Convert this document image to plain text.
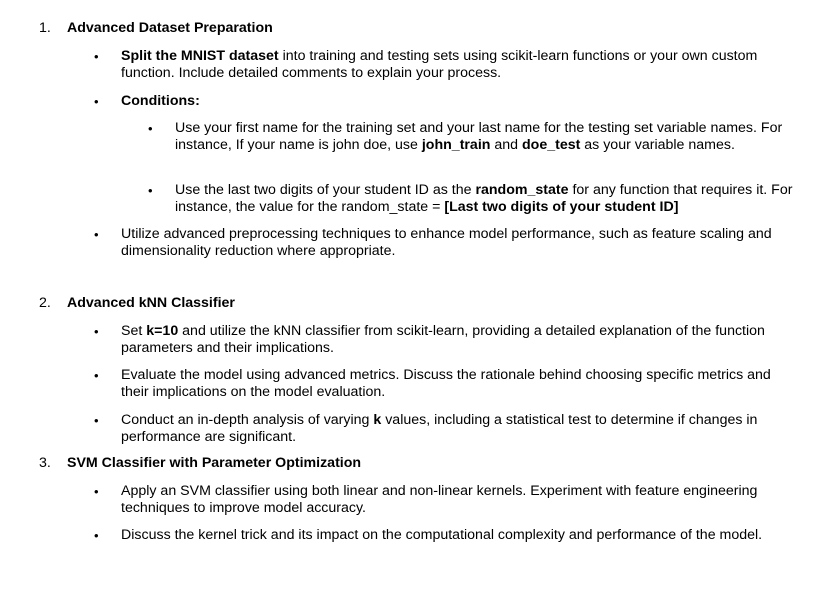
1. Advanced Dataset Preparation
• Split the MNIST dataset into training and testing sets using scikit-learn functions or your own custom function. Include detailed comments to explain your process.
• Conditions:
• Use your first name for the training set and your last name for the testing set variable names. For instance, If your name is john doe, use john_train and doe_test as your variable names.
• Use the last two digits of your student ID as the random_state for any function that requires it. For instance, the value for the random_state = [Last two digits of your student ID]
• Utilize advanced preprocessing techniques to enhance model performance, such as feature scaling and dimensionality reduction where appropriate.
2. Advanced kNN Classifier
• Set k=10 and utilize the kNN classifier from scikit-learn, providing a detailed explanation of the function parameters and their implications.
• Evaluate the model using advanced metrics. Discuss the rationale behind choosing specific metrics and their implications on the model evaluation.
• Conduct an in-depth analysis of varying k values, including a statistical test to determine if changes in performance are significant.
3. SVM Classifier with Parameter Optimization
• Apply an SVM classifier using both linear and non-linear kernels. Experiment with feature engineering techniques to improve model accuracy.
• Discuss the kernel trick and its impact on the computational complexity and performance of the model.
